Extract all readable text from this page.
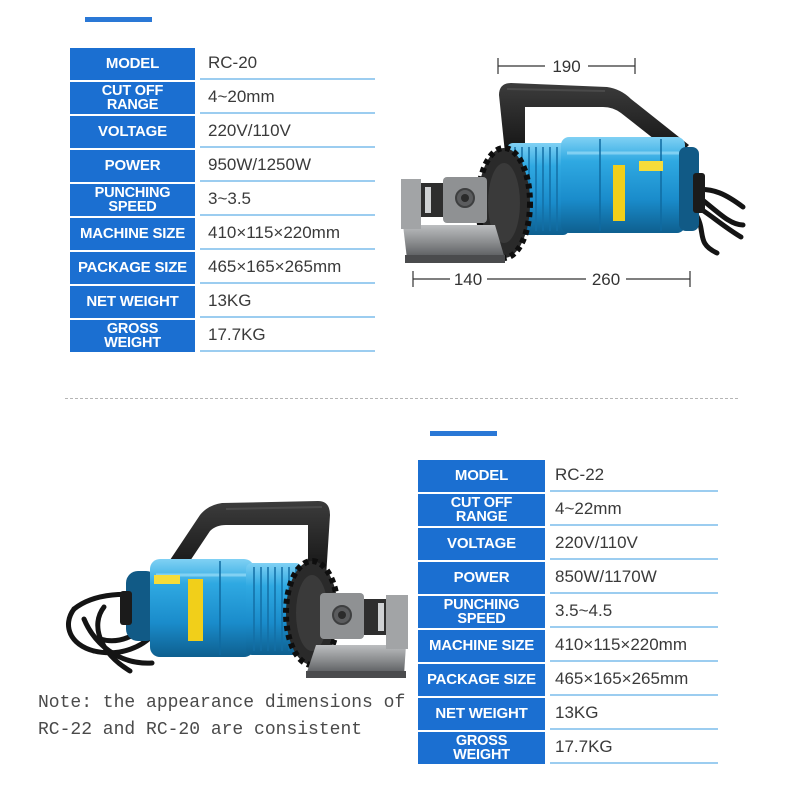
MODEL	RC-20
CUT OFF
RANGE	4~20mm
VOLTAGE	220V/110V
POWER	950W/1250W
PUNCHING
SPEED	3~3.5
MACHINE SIZE	410×115×220mm
PACKAGE SIZE	465×165×265mm
NET WEIGHT	13KG
GROSS
WEIGHT	17.7KG
190
140	260
MODEL	RC-22
CUT OFF
RANGE	4~22mm
VOLTAGE 220V/110V
POWER	850W/1170W
PUNCHING
SPEED	3.5~4.5
MACHINE SIZE 410×115×220mm
PACKAGE SIZE 465×165×265mm
NET WEIGHT 13KG
GROSS
WEIGHT	17.7KG
Note: the appearance dimensions of
RC-22 and RC-20 are consistent
